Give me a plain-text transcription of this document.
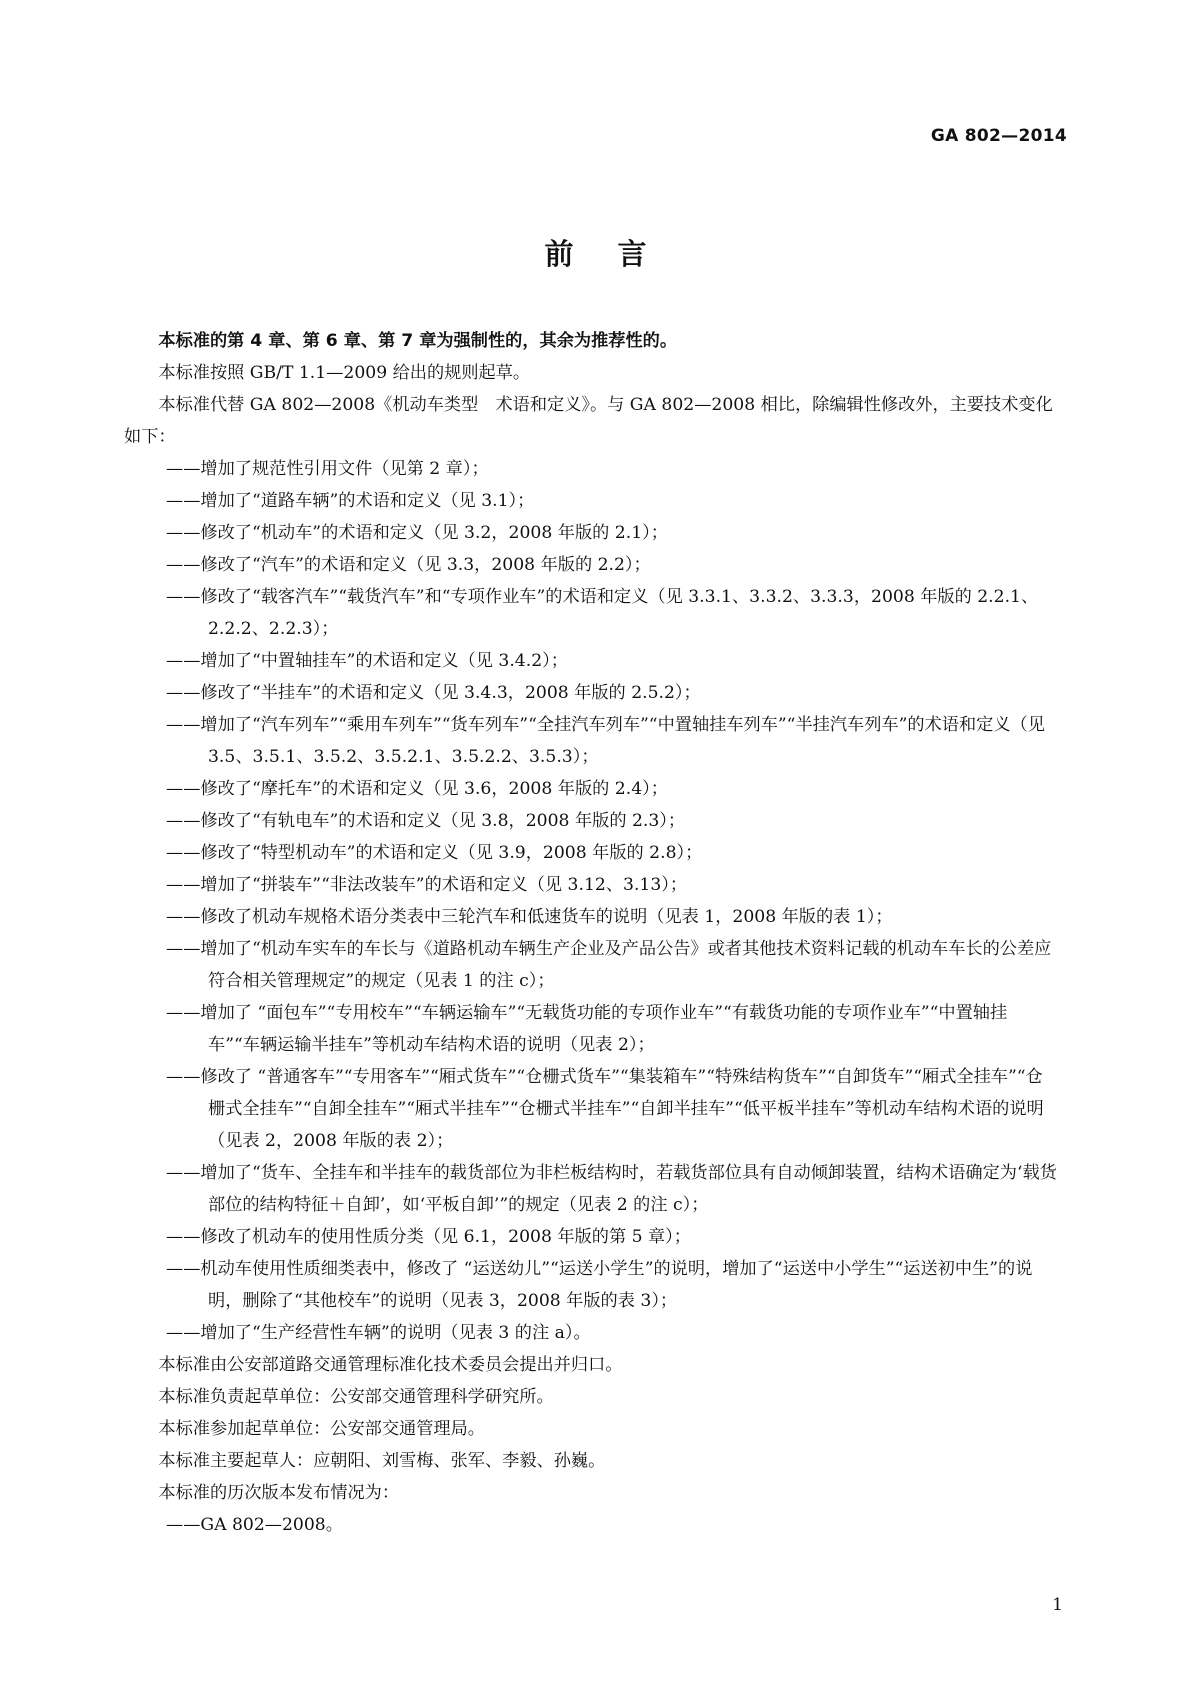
GA 802—2014
前言

本标准的第 4 章、第 6 章、第 7 章为强制性的，其余为推荐性的。

本标准按照 GB/T 1.1—2009 给出的规则起草。

本标准代替 GA 802—2008《机动车类型　术语和定义》。与 GA 802—2008 相比，除编辑性修改外，主要技术变化如下：

——增加了规范性引用文件（见第 2 章）；

——增加了“道路车辆”的术语和定义（见 3.1）；

——修改了“机动车”的术语和定义（见 3.2，2008 年版的 2.1）；

——修改了“汽车”的术语和定义（见 3.3，2008 年版的 2.2）；

——修改了“载客汽车”“载货汽车”和“专项作业车”的术语和定义（见 3.3.1、3.3.2、3.3.3，2008 年版的 2.2.1、2.2.2、2.2.3）；

——增加了“中置轴挂车”的术语和定义（见 3.4.2）；

——修改了“半挂车”的术语和定义（见 3.4.3，2008 年版的 2.5.2）；

——增加了“汽车列车”“乘用车列车”“货车列车”“全挂汽车列车”“中置轴挂车列车”“半挂汽车列车”的术语和定义（见 3.5、3.5.1、3.5.2、3.5.2.1、3.5.2.2、3.5.3）；

——修改了“摩托车”的术语和定义（见 3.6，2008 年版的 2.4）；

——修改了“有轨电车”的术语和定义（见 3.8，2008 年版的 2.3）；

——修改了“特型机动车”的术语和定义（见 3.9，2008 年版的 2.8）；

——增加了“拼装车”“非法改装车”的术语和定义（见 3.12、3.13）；

——修改了机动车规格术语分类表中三轮汽车和低速货车的说明（见表 1，2008 年版的表 1）；

——增加了“机动车实车的车长与《道路机动车辆生产企业及产品公告》或者其他技术资料记载的机动车车长的公差应符合相关管理规定”的规定（见表 1 的注 c）；

——增加了 “面包车”“专用校车”“车辆运输车”“无载货功能的专项作业车”“有载货功能的专项作业车”“中置轴挂车”“车辆运输半挂车”等机动车结构术语的说明（见表 2）；

——修改了 “普通客车”“专用客车”“厢式货车”“仓栅式货车”“集装箱车”“特殊结构货车”“自卸货车”“厢式全挂车”“仓栅式全挂车”“自卸全挂车”“厢式半挂车”“仓栅式半挂车”“自卸半挂车”“低平板半挂车”等机动车结构术语的说明（见表 2，2008 年版的表 2）；

——增加了“货车、全挂车和半挂车的载货部位为非栏板结构时，若载货部位具有自动倾卸装置，结构术语确定为‘载货部位的结构特征＋自卸’，如‘平板自卸’”的规定（见表 2 的注 c）；

——修改了机动车的使用性质分类（见 6.1，2008 年版的第 5 章）；

——机动车使用性质细类表中，修改了 “运送幼儿”“运送小学生”的说明，增加了“运送中小学生”“运送初中生”的说明，删除了“其他校车”的说明（见表 3，2008 年版的表 3）；

——增加了“生产经营性车辆”的说明（见表 3 的注 a）。

本标准由公安部道路交通管理标准化技术委员会提出并归口。

本标准负责起草单位：公安部交通管理科学研究所。

本标准参加起草单位：公安部交通管理局。

本标准主要起草人：应朝阳、刘雪梅、张军、李毅、孙巍。

本标准的历次版本发布情况为：

——GA 802—2008。

1
